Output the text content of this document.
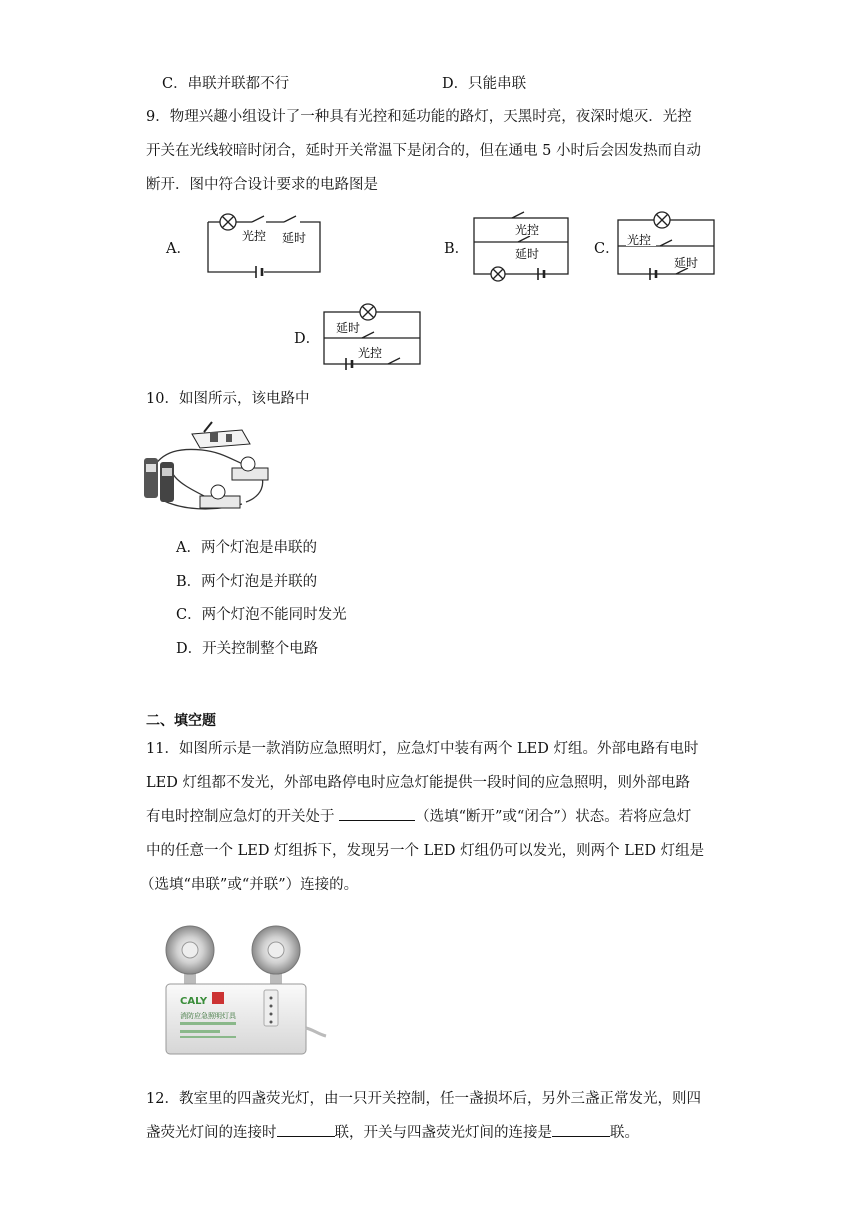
C．串联并联都不行	D．只能串联
9．物理兴趣小组设计了一种具有光控和延功能的路灯，天黑时亮，夜深时熄灭．光控
开关在光线较暗时闭合，延时开关常温下是闭合的，但在通电 5 小时后会因发热而自动
断开．图中符合设计要求的电路图是
A．	B．	C．
D．
光控 延时
光控
延时
光控
延时
延时
光控
10．如图所示，该电路中
A．两个灯泡是串联的
B．两个灯泡是并联的
C．两个灯泡不能同时发光
D．开关控制整个电路
二、填空题
11．如图所示是一款消防应急照明灯，应急灯中装有两个 LED 灯组。外部电路有电时
LED 灯组都不发光，外部电路停电时应急灯能提供一段时间的应急照明，则外部电路
有电时控制应急灯的开关处于	（选填“断开”或“闭合”）状态。若将应急灯
中的任意一个 LED 灯组拆下，发现另一个 LED 灯组仍可以发光，则两个 LED 灯组是
（选填“串联”或“并联”）连接的。
CALY
消防应急照明灯具
12．教室里的四盏荧光灯，由一只开关控制，任一盏损坏后，另外三盏正常发光，则四
盏荧光灯间的连接时	联，开关与四盏荧光灯间的连接是	联。
